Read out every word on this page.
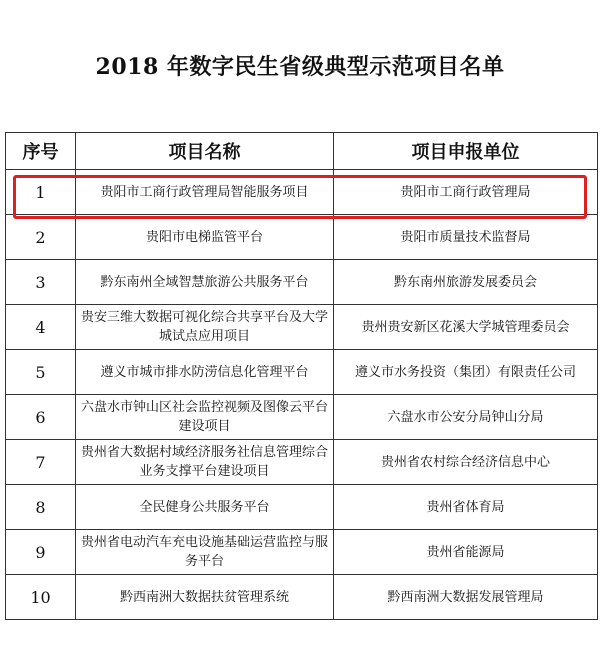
2018 年数字民生省级典型示范项目名单
序号	项目名称	项目申报单位
1	贵阳市工商行政管理局智能服务项目	贵阳市工商行政管理局
2	贵阳市电梯监管平台	贵阳市质量技术监督局
3	黔东南州全域智慧旅游公共服务平台	黔东南州旅游发展委员会
4	贵安三维大数据可视化综合共享平台及大学城试点应用项目	贵州贵安新区花溪大学城管理委员会
5	遵义市城市排水防涝信息化管理平台	遵义市水务投资（集团）有限责任公司
6	六盘水市钟山区社会监控视频及图像云平台建设项目	六盘水市公安分局钟山分局
7	贵州省大数据村域经济服务社信息管理综合业务支撑平台建设项目	贵州省农村综合经济信息中心
8	全民健身公共服务平台	贵州省体育局
9	贵州省电动汽车充电设施基础运营监控与服务平台	贵州省能源局
10	黔西南洲大数据扶贫管理系统	黔西南洲大数据发展管理局
